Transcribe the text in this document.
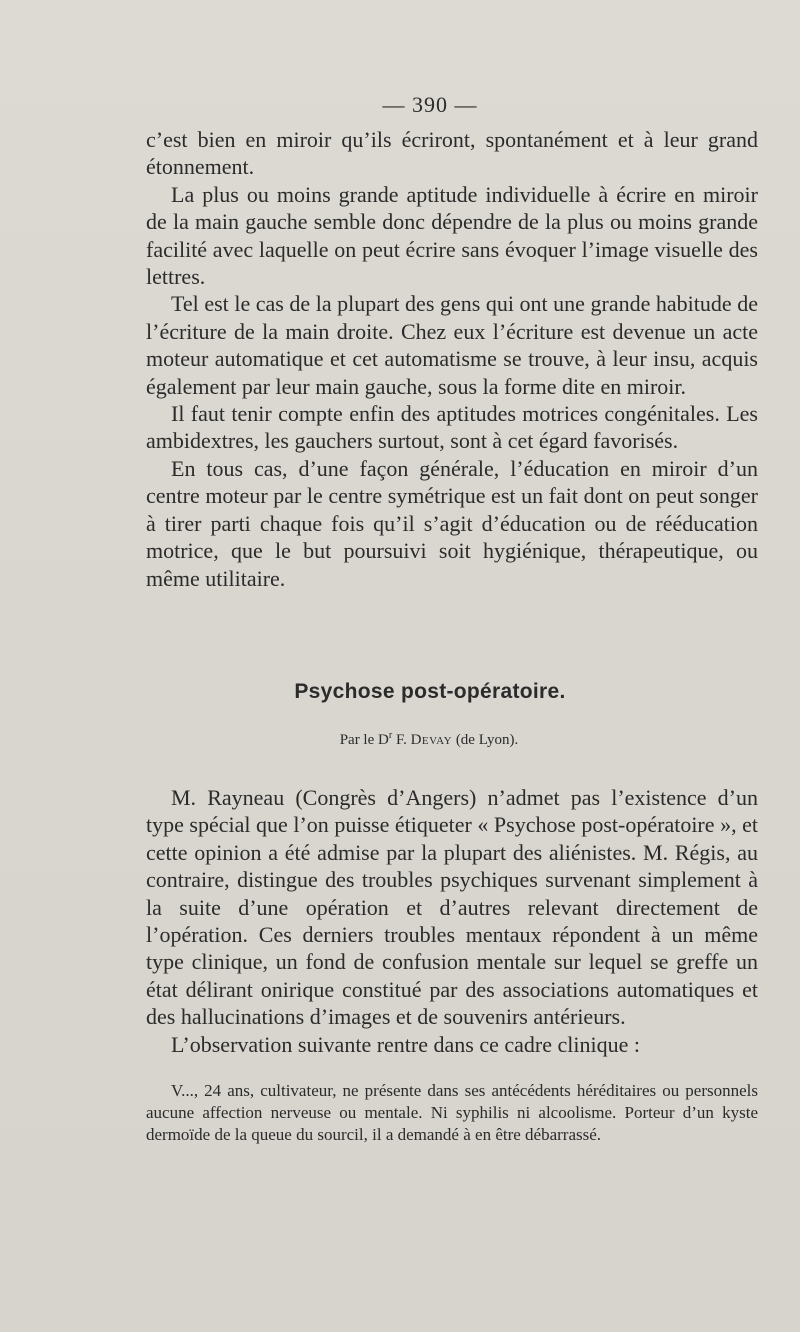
— 390 —

c’est bien en miroir qu’ils écriront, spontanément et à leur grand étonnement.

La plus ou moins grande aptitude individuelle à écrire en miroir de la main gauche semble donc dépendre de la plus ou moins grande facilité avec laquelle on peut écrire sans évoquer l’image visuelle des lettres.

Tel est le cas de la plupart des gens qui ont une grande habitude de l’écriture de la main droite. Chez eux l’écriture est devenue un acte moteur automatique et cet automatisme se trouve, à leur insu, acquis également par leur main gauche, sous la forme dite en miroir.

Il faut tenir compte enfin des aptitudes motrices congénitales. Les ambidextres, les gauchers surtout, sont à cet égard favorisés.

En tous cas, d’une façon générale, l’éducation en miroir d’un centre moteur par le centre symétrique est un fait dont on peut songer à tirer parti chaque fois qu’il s’agit d’éducation ou de rééducation motrice, que le but poursuivi soit hygiénique, thérapeutique, ou même utilitaire.

Psychose post-opératoire.
Par le $D^r$ F. Devay (de Lyon).

M. Rayneau (Congrès d’Angers) n’admet pas l’existence d’un type spécial que l’on puisse étiqueter « Psychose post-opératoire », et cette opinion a été admise par la plupart des aliénistes. M. Régis, au contraire, distingue des troubles psychiques survenant simplement à la suite d’une opération et d’autres relevant directement de l’opération. Ces derniers troubles mentaux répondent à un même type clinique, un fond de confusion mentale sur lequel se greffe un état délirant onirique constitué par des associations automatiques et des hallucinations d’images et de souvenirs antérieurs.

L’observation suivante rentre dans ce cadre clinique :

V..., 24 ans, cultivateur, ne présente dans ses antécédents héréditaires ou personnels aucune affection nerveuse ou mentale. Ni syphilis ni alcoolisme. Porteur d’un kyste dermoïde de la queue du sourcil, il a demandé à en être débarrassé.
